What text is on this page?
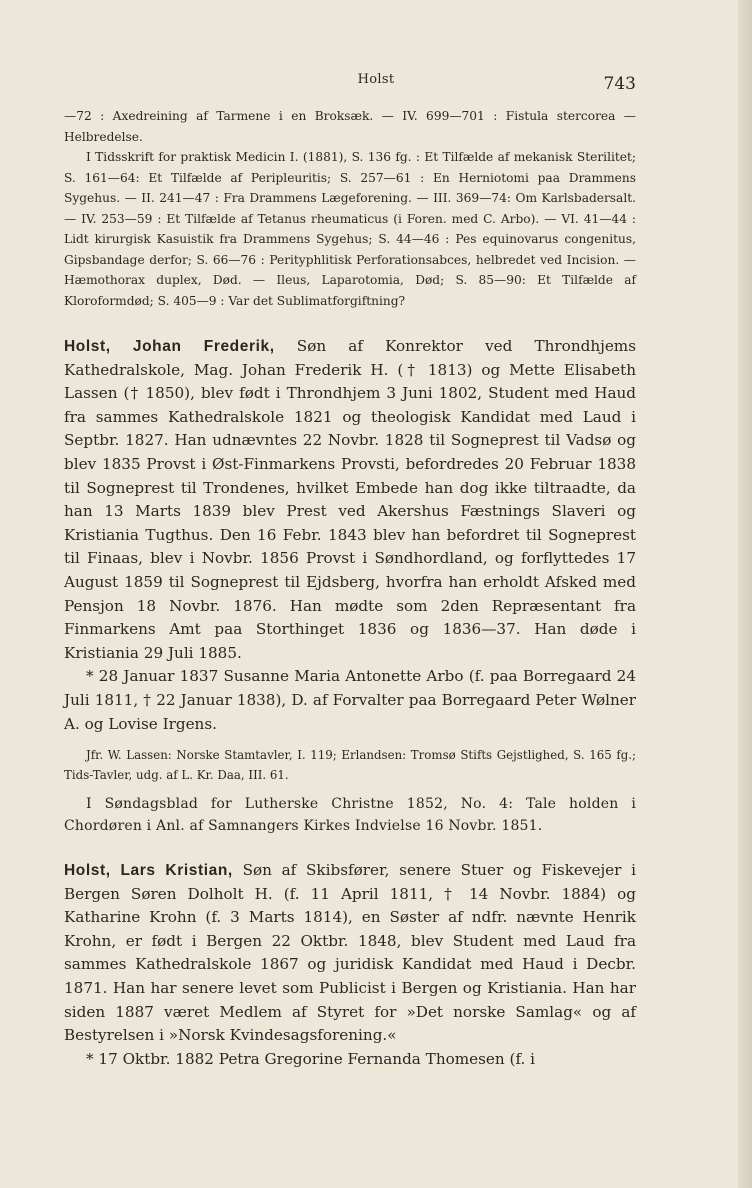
Holst	743

—72 : Axedreining af Tarmene i en Broksæk. — IV. 699—701 : Fistula stercorea — Helbredelse.

I Tidsskrift for praktisk Medicin I. (1881), S. 136 fg. : Et Tilfælde af mekanisk Sterilitet; S. 161—64: Et Tilfælde af Peripleuritis; S. 257—61 : En Herniotomi paa Drammens Sygehus. — II. 241—47 : Fra Drammens Lægeforening. — III. 369—74: Om Karlsbadersalt. — IV. 253—59 : Et Tilfælde af Tetanus rheumaticus (i Foren. med C. Arbo). — VI. 41—44 : Lidt kirurgisk Kasuistik fra Drammens Sygehus; S. 44—46 : Pes equinovarus congenitus, Gipsbandage derfor; S. 66—76 : Perityphlitisk Perforationsabces, helbredet ved Incision. — Hæmothorax duplex, Død. — Ileus, Laparotomia, Død; S. 85—90: Et Tilfælde af Kloroformdød; S. 405—9 : Var det Sublimatforgiftning?

Holst, Johan Frederik, Søn af Konrektor ved Throndhjems Kathedralskole, Mag. Johan Frederik H. († 1813) og Mette Elisabeth Lassen († 1850), blev født i Throndhjem 3 Juni 1802, Student med Haud fra sammes Kathedralskole 1821 og theologisk Kandidat med Laud i Septbr. 1827. Han udnævntes 22 Novbr. 1828 til Sogneprest til Vadsø og blev 1835 Provst i Øst-Finmarkens Provsti, befordredes 20 Februar 1838 til Sogneprest til Trondenes, hvilket Embede han dog ikke tiltraadte, da han 13 Marts 1839 blev Prest ved Akershus Fæstnings Slaveri og Kristiania Tugthus. Den 16 Febr. 1843 blev han befordret til Sogneprest til Finaas, blev i Novbr. 1856 Provst i Søndhordland, og forflyttedes 17 August 1859 til Sogneprest til Ejdsberg, hvorfra han erholdt Afsked med Pensjon 18 Novbr. 1876. Han mødte som 2den Repræsentant fra Finmarkens Amt paa Storthinget 1836 og 1836—37. Han døde i Kristiania 29 Juli 1885.

* 28 Januar 1837 Susanne Maria Antonette Arbo (f. paa Borregaard 24 Juli 1811, † 22 Januar 1838), D. af Forvalter paa Borregaard Peter Wølner A. og Lovise Irgens.

Jfr. W. Lassen: Norske Stamtavler, I. 119; Erlandsen: Tromsø Stifts Gejstlighed, S. 165 fg.; Tids-Tavler, udg. af L. Kr. Daa, III. 61.

I Søndagsblad for Lutherske Christne 1852, No. 4: Tale holden i Chordøren i Anl. af Samnangers Kirkes Indvielse 16 Novbr. 1851.

Holst, Lars Kristian, Søn af Skibsfører, senere Stuer og Fiskevejer i Bergen Søren Dolholt H. (f. 11 April 1811, † 14 Novbr. 1884) og Katharine Krohn (f. 3 Marts 1814), en Søster af ndfr. nævnte Henrik Krohn, er født i Bergen 22 Oktbr. 1848, blev Student med Laud fra sammes Kathedralskole 1867 og juridisk Kandidat med Haud i Decbr. 1871. Han har senere levet som Publicist i Bergen og Kristiania. Han har siden 1887 været Medlem af Styret for »Det norske Samlag« og af Bestyrelsen i »Norsk Kvindesagsforening.«

* 17 Oktbr. 1882 Petra Gregorine Fernanda Thomesen (f. i
